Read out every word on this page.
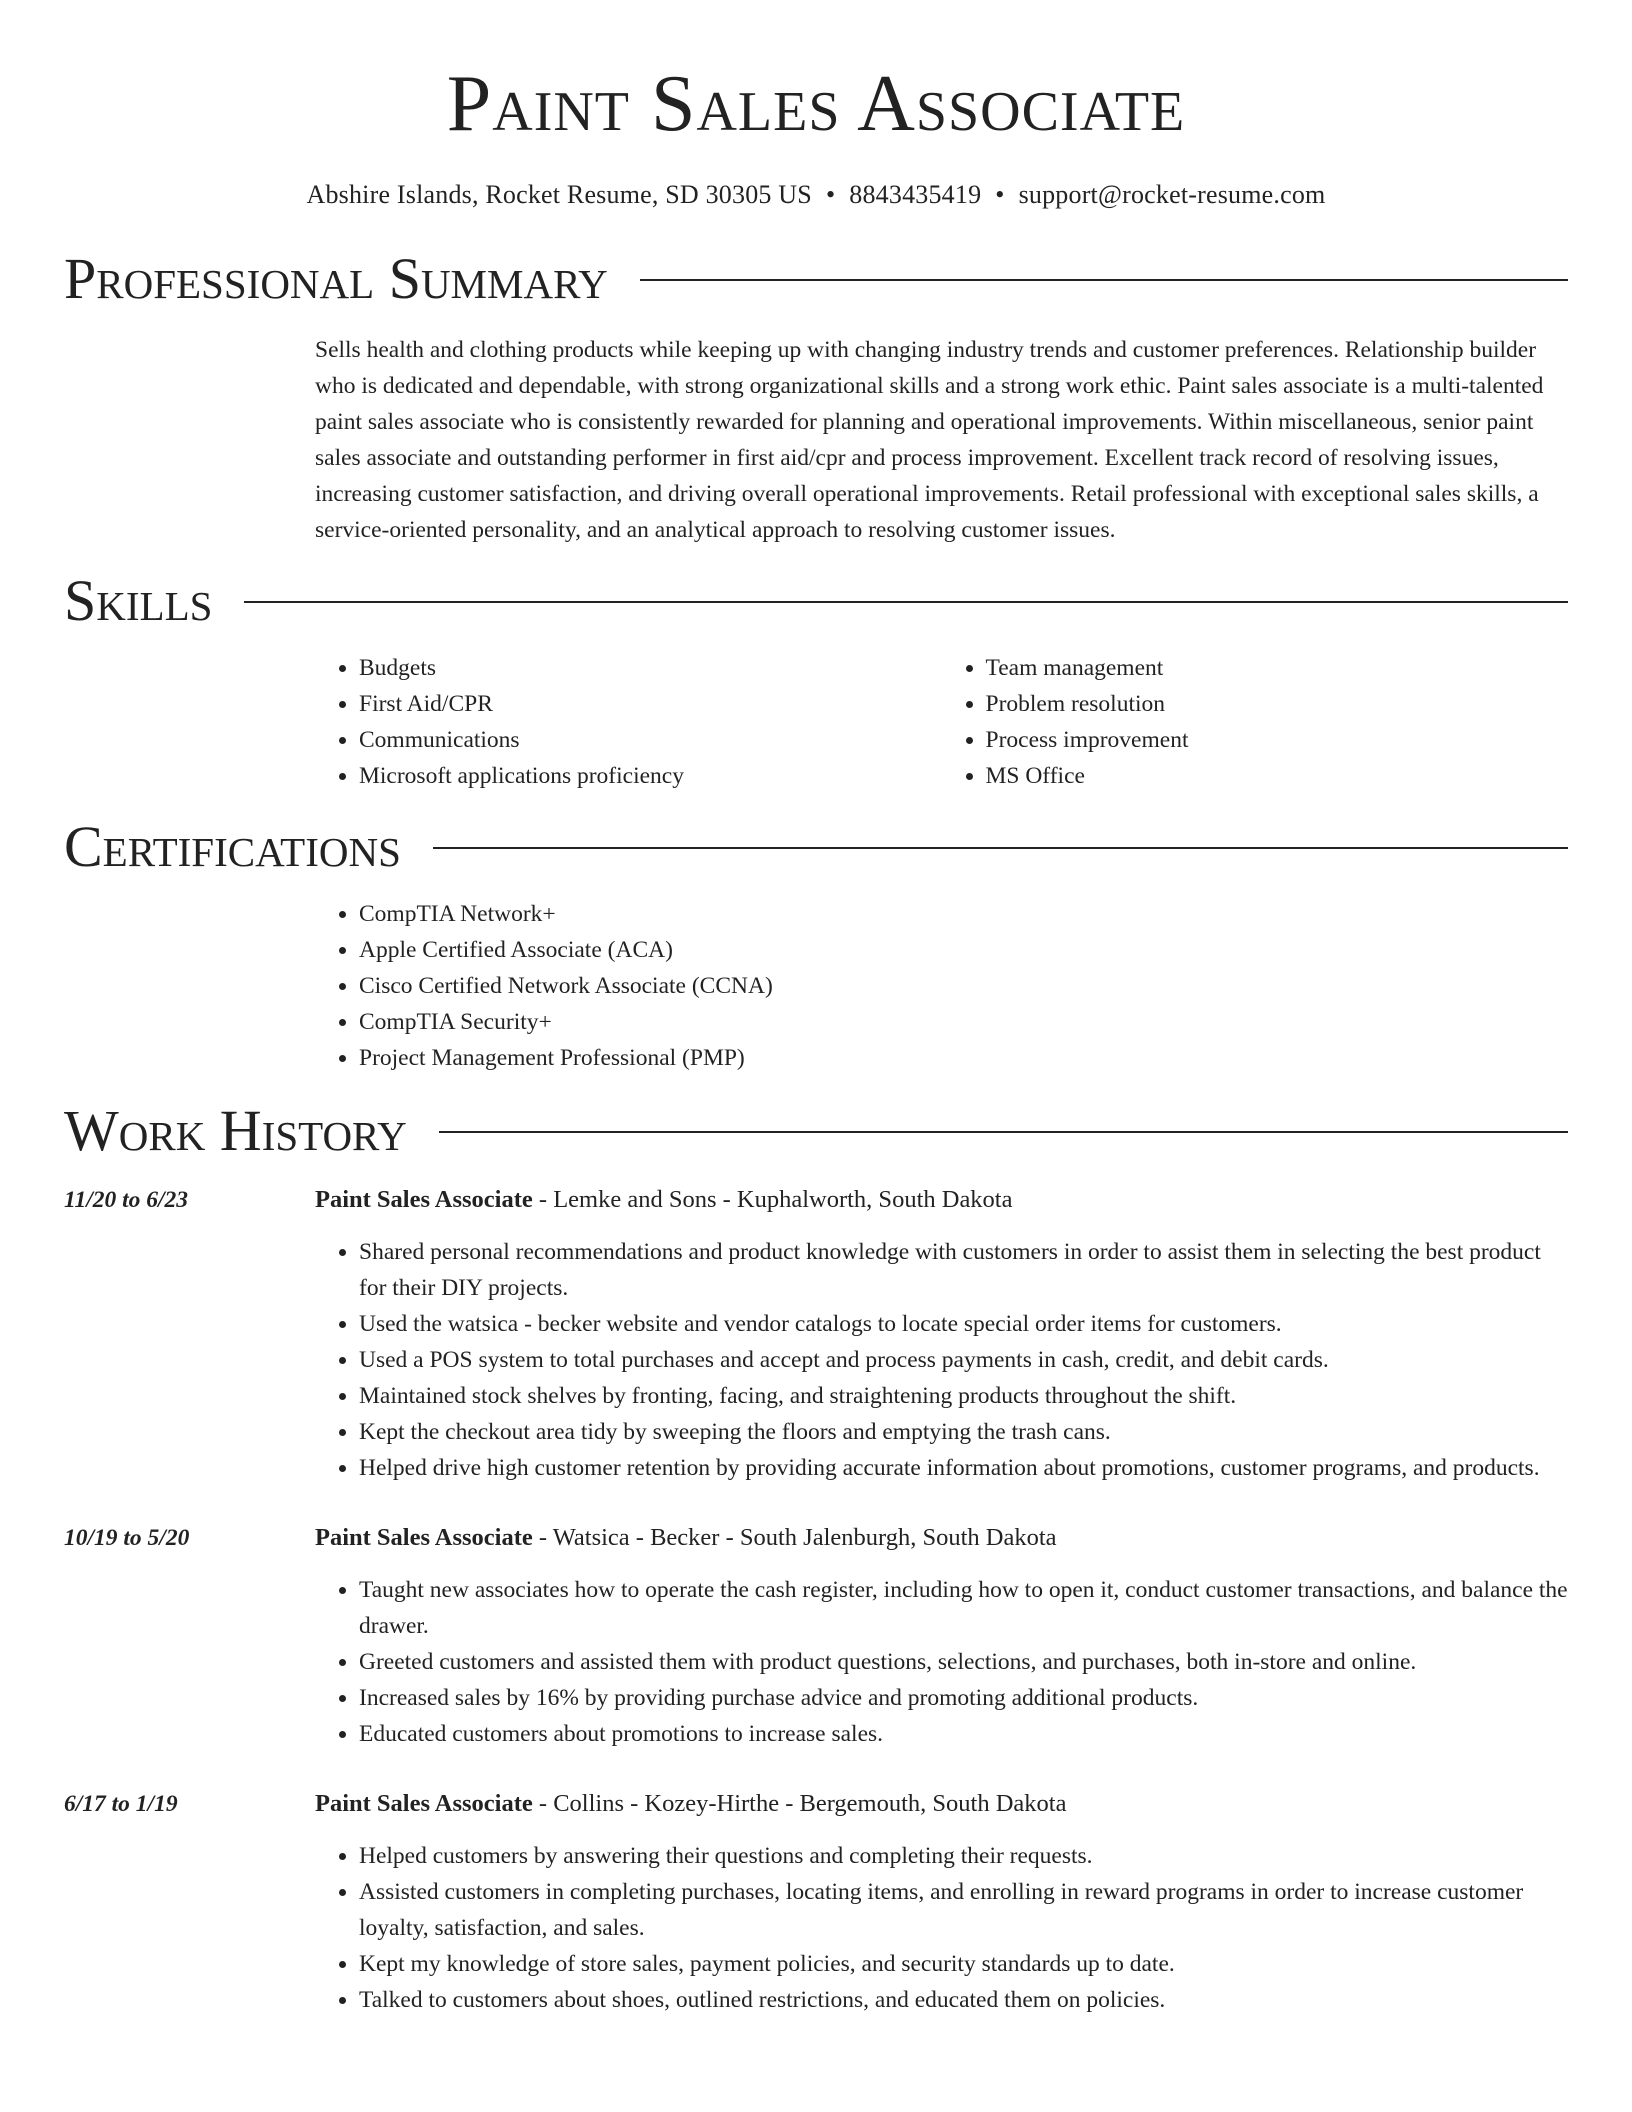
Paint Sales Associate
Abshire Islands, Rocket Resume, SD 30305 US • 8843435419 • support@rocket-resume.com
Professional Summary
Sells health and clothing products while keeping up with changing industry trends and customer preferences. Relationship builder who is dedicated and dependable, with strong organizational skills and a strong work ethic. Paint sales associate is a multi-talented paint sales associate who is consistently rewarded for planning and operational improvements. Within miscellaneous, senior paint sales associate and outstanding performer in first aid/cpr and process improvement. Excellent track record of resolving issues, increasing customer satisfaction, and driving overall operational improvements. Retail professional with exceptional sales skills, a service-oriented personality, and an analytical approach to resolving customer issues.
Skills
• Budgets
• First Aid/CPR
• Communications
• Microsoft applications proficiency
• Team management
• Problem resolution
• Process improvement
• MS Office
Certifications
• CompTIA Network+
• Apple Certified Associate (ACA)
• Cisco Certified Network Associate (CCNA)
• CompTIA Security+
• Project Management Professional (PMP)
Work History
11/20 to 6/23	Paint Sales Associate - Lemke and Sons - Kuphalworth, South Dakota
• Shared personal recommendations and product knowledge with customers in order to assist them in selecting the best product for their DIY projects.
• Used the watsica - becker website and vendor catalogs to locate special order items for customers.
• Used a POS system to total purchases and accept and process payments in cash, credit, and debit cards.
• Maintained stock shelves by fronting, facing, and straightening products throughout the shift.
• Kept the checkout area tidy by sweeping the floors and emptying the trash cans.
• Helped drive high customer retention by providing accurate information about promotions, customer programs, and products.
10/19 to 5/20	Paint Sales Associate - Watsica - Becker - South Jalenburgh, South Dakota
• Taught new associates how to operate the cash register, including how to open it, conduct customer transactions, and balance the drawer.
• Greeted customers and assisted them with product questions, selections, and purchases, both in-store and online.
• Increased sales by 16% by providing purchase advice and promoting additional products.
• Educated customers about promotions to increase sales.
6/17 to 1/19	Paint Sales Associate - Collins - Kozey-Hirthe - Bergemouth, South Dakota
• Helped customers by answering their questions and completing their requests.
• Assisted customers in completing purchases, locating items, and enrolling in reward programs in order to increase customer loyalty, satisfaction, and sales.
• Kept my knowledge of store sales, payment policies, and security standards up to date.
• Talked to customers about shoes, outlined restrictions, and educated them on policies.
